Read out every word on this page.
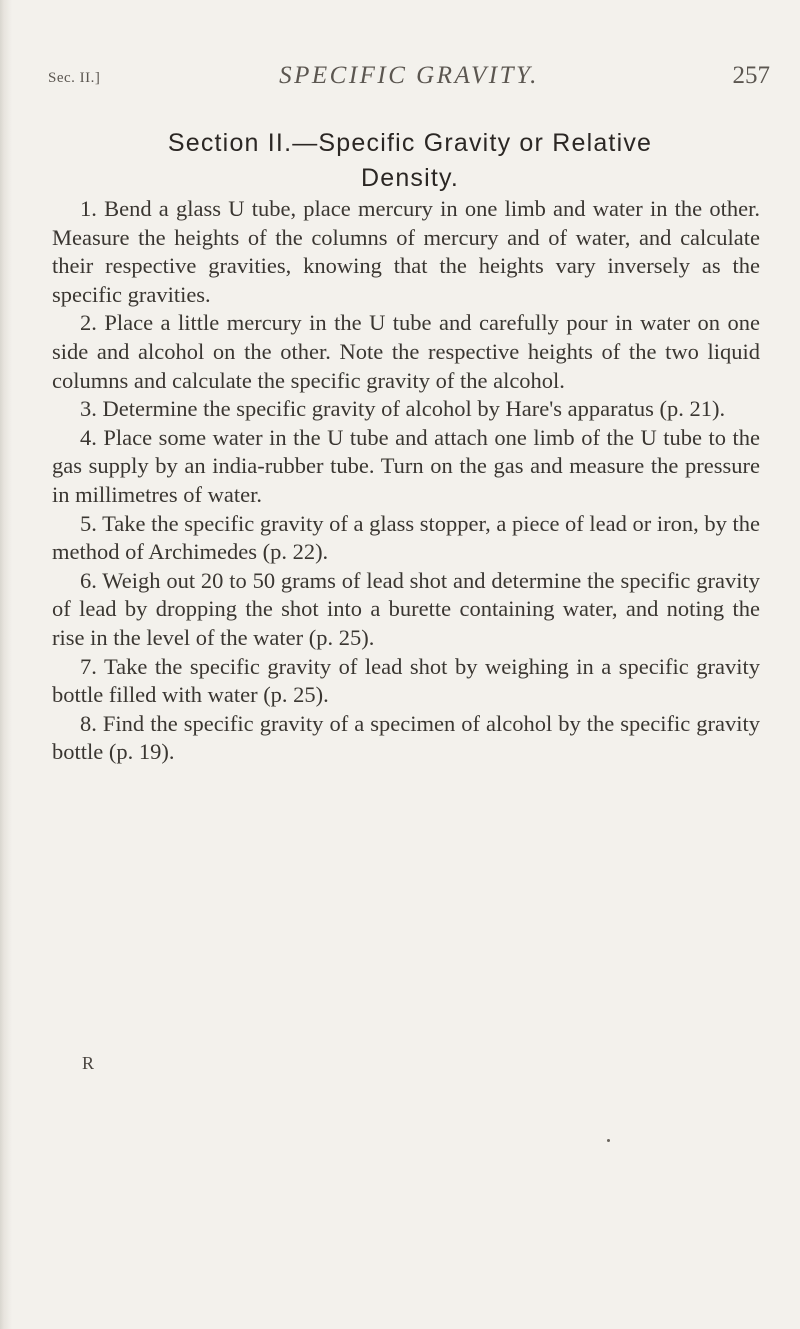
Sec. II.]	SPECIFIC GRAVITY.	257
Section II.—Specific Gravity or Relative
Density.

1. Bend a glass U tube, place mercury in one limb and water in the other. Measure the heights of the columns of mercury and of water, and calculate their respective gravities, knowing that the heights vary inversely as the specific gravities.

2. Place a little mercury in the U tube and carefully pour in water on one side and alcohol on the other. Note the respective heights of the two liquid columns and calculate the specific gravity of the alcohol.

3. Determine the specific gravity of alcohol by Hare's apparatus (p. 21).

4. Place some water in the U tube and attach one limb of the U tube to the gas supply by an india-rubber tube. Turn on the gas and measure the pressure in millimetres of water.

5. Take the specific gravity of a glass stopper, a piece of lead or iron, by the method of Archimedes (p. 22).

6. Weigh out 20 to 50 grams of lead shot and determine the specific gravity of lead by dropping the shot into a burette containing water, and noting the rise in the level of the water (p. 25).

7. Take the specific gravity of lead shot by weighing in a specific gravity bottle filled with water (p. 25).

8. Find the specific gravity of a specimen of alcohol by the specific gravity bottle (p. 19).

R
